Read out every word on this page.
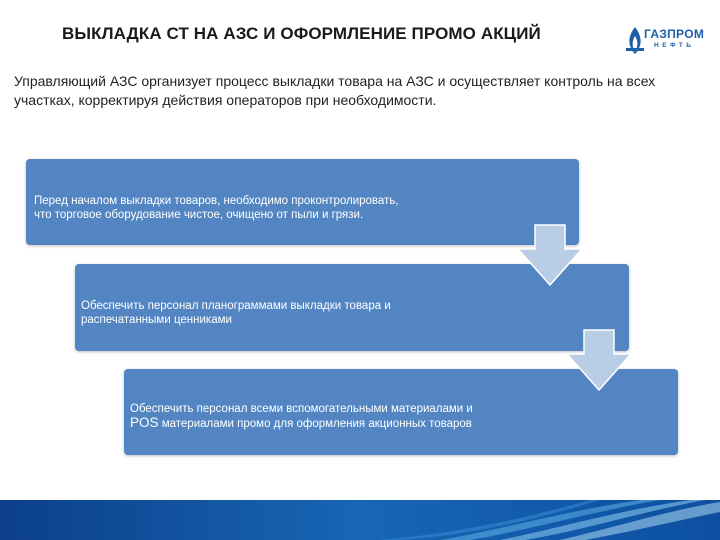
ВЫКЛАДКА СТ НА АЗС И ОФОРМЛЕНИЕ ПРОМО АКЦИЙ	ГАЗПРОМ
НЕФТЬ
Управляющий АЗС организует процесс выкладки товара на АЗС и осуществляет контроль на всех участках, корректируя действия операторов при необходимости.
Перед началом выкладки товаров, необходимо проконтролировать,
что торговое оборудование чистое, очищено от пыли и грязи.
Обеспечить персонал планограммами выкладки товара и
распечатанными ценниками
Обеспечить персонал всеми вспомогательными материалами и
POS материалами промо для оформления акционных товаров
